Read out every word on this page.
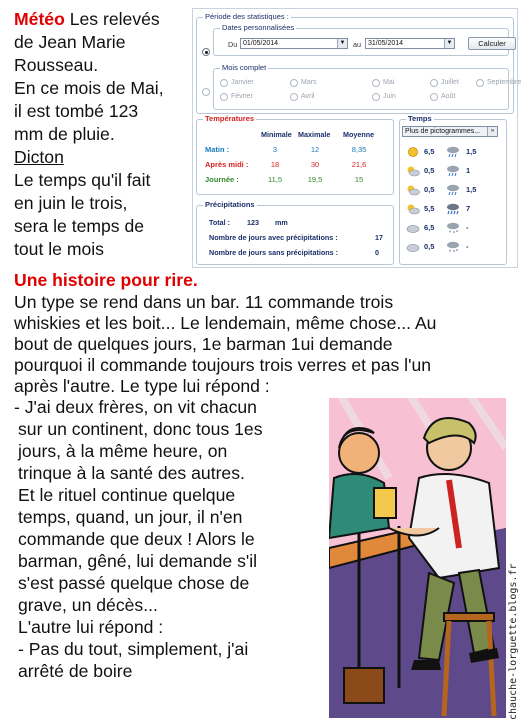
Météo Les relevés
de Jean Marie
Rousseau.
En ce mois de Mai,
il est tombé 123
mm de pluie.
Dicton
Le temps qu'il fait
en juin le trois,
sera le temps de
tout le mois
Période des statistiques :
Dates personnalisées
Du 01/05/2014	▼ au	31/05/2014	▼	Calculer
Mois complet
Janvier	Mars	Mai	Juillet	Septembre
Février	Avril	Juin	Août
Températures
Minimale Maximale Moyenne
Matin :	3	12	8,35
Après midi :	18	30	21,6
Journée :	11,5	19,5	15
Précipitations
Total : 123 mm
Nombre de jours avec précipitations :	17
Nombre de jours sans précipitations :	0
Temps
Plus de pictogrammes...	»
6,5	1,5
0,5	1
0,5	1,5
5,5	7
6,5	-
0,5	-
Une histoire pour rire.
Un type se rend dans un bar. 11 commande trois
whiskies et les boit... Le lendemain, même chose... Au
bout de quelques jours, 1e barman 1ui demande
pourquoi il commande toujours trois verres et pas l'un
après l'autre. Le type lui répond :
- J'ai deux frères, on vit chacun
sur un continent, donc tous 1es
jours, à la même heure, on
trinque à la santé des autres.
Et le rituel continue quelque
temps, quand, un jour, il n'en
commande que deux ! Alors le
barman, gêné, lui demande s'il
s'est passé quelque chose de
grave, un décès...
L'autre lui répond :
- Pas du tout, simplement, j'ai
arrêté de boire	chauche-lorguette.blogs.fr
